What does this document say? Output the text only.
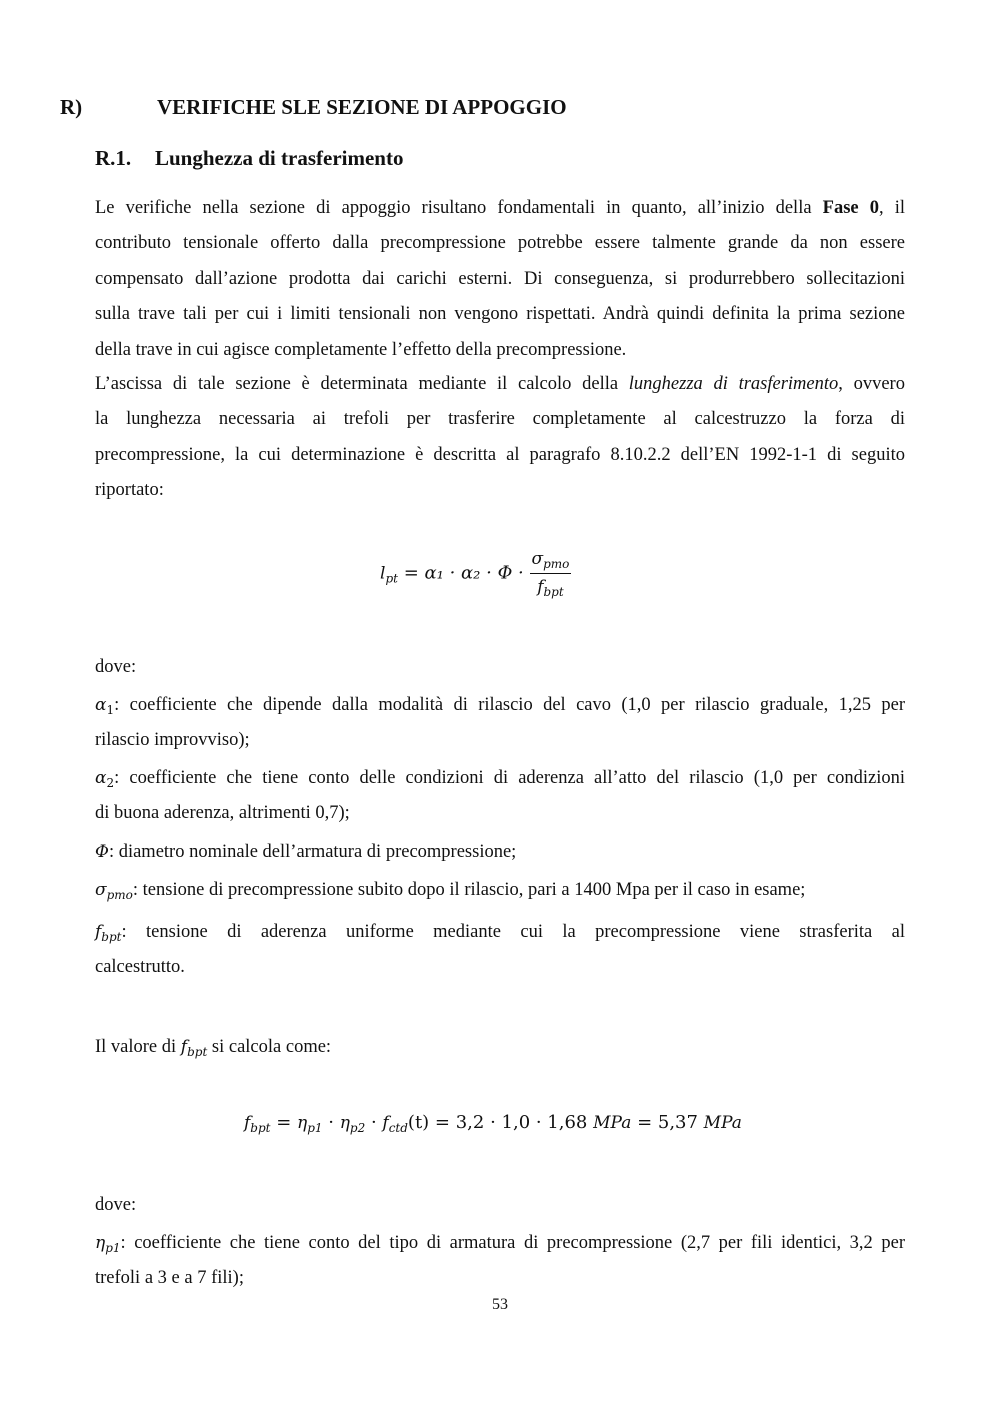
R)	VERIFICHE SLE SEZIONE DI APPOGGIO
R.1. Lunghezza di trasferimento
Le verifiche nella sezione di appoggio risultano fondamentali in quanto, all’inizio della Fase 0, il
contributo tensionale offerto dalla precompressione potrebbe essere talmente grande da non essere
compensato dall’azione prodotta dai carichi esterni. Di conseguenza, si produrrebbero sollecitazioni
sulla trave tali per cui i limiti tensionali non vengono rispettati. Andrà quindi definita la prima sezione
della trave in cui agisce completamente l’effetto della precompressione.
L’ascissa di tale sezione è determinata mediante il calcolo della lunghezza di trasferimento, ovvero
la lunghezza necessaria ai trefoli per trasferire completamente al calcestruzzo la forza di
precompressione, la cui determinazione è descritta al paragrafo 8.10.2.2 dell’EN 1992-1-1 di seguito
riportato:
$l_{pt} = \alpha_1 \cdot \alpha_2 \cdot \Phi \cdot \frac{\sigma_{pmo}}{f_{bpt}}$
dove:
$\alpha_1$: coefficiente che dipende dalla modalità di rilascio del cavo (1,0 per rilascio graduale, 1,25 per
rilascio improvviso);
$\alpha_2$: coefficiente che tiene conto delle condizioni di aderenza all’atto del rilascio (1,0 per condizioni
di buona aderenza, altrimenti 0,7);
Φ: diametro nominale dell’armatura di precompressione;
$\sigma_{pmo}$: tensione di precompressione subito dopo il rilascio, pari a 1400 Mpa per il caso in esame;
$f_{bpt}$: tensione di aderenza uniforme mediante cui la precompressione viene strasferita al
calcestrutto.
Il valore di $f_{bpt}$ si calcola come:
$f_{bpt} = \eta_{p1} \cdot \eta_{p2} \cdot f_{ctd}(t) = 3,2 \cdot 1,0 \cdot 1,68$ MPa = 5,37 MPa
dove:
$\eta_{p1}$: coefficiente che tiene conto del tipo di armatura di precompressione (2,7 per fili identici, 3,2 per
trefoli a 3 e a 7 fili);
53
